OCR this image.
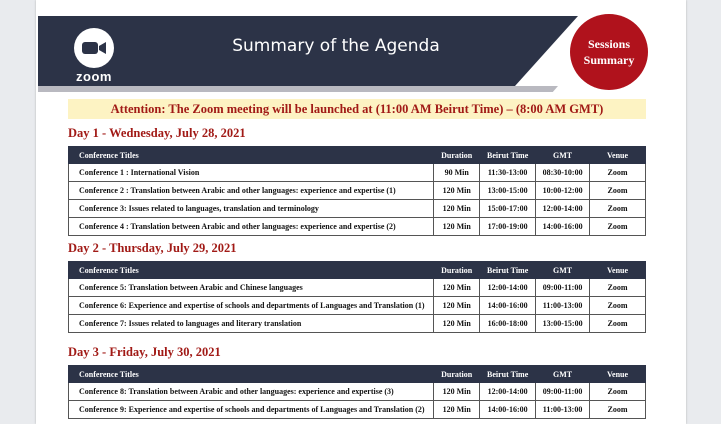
zoom
Summary of the Agenda	Sessions
Summary
Attention: The Zoom meeting will be launched at (11:00 AM Beirut Time) – (8:00 AM GMT)
Day 1 - Wednesday, July 28, 2021
Conference Titles	Duration	Beirut Time	GMT	Venue
Conference 1 : International Vision	90 Min	11:30-13:00	08:30-10:00	Zoom
Conference 2 : Translation between Arabic and other languages: experience and expertise (1)	120 Min	13:00-15:00	10:00-12:00	Zoom
Conference 3: Issues related to languages, translation and terminology	120 Min	15:00-17:00	12:00-14:00	Zoom
Conference 4 : Translation between Arabic and other languages: experience and expertise (2)	120 Min	17:00-19:00	14:00-16:00	Zoom
Day 2 - Thursday, July 29, 2021
Conference Titles	Duration	Beirut Time	GMT	Venue
Conference 5: Translation between Arabic and Chinese languages	120 Min	12:00-14:00	09:00-11:00	Zoom
Conference 6: Experience and expertise of schools and departments of Languages and Translation (1)	120 Min	14:00-16:00	11:00-13:00	Zoom
Conference 7: Issues related to languages and literary translation	120 Min	16:00-18:00	13:00-15:00	Zoom
Day 3 - Friday, July 30, 2021
Conference Titles	Duration	Beirut Time	GMT	Venue
Conference 8: Translation between Arabic and other languages: experience and expertise (3)	120 Min	12:00-14:00	09:00-11:00	Zoom
Conference 9: Experience and expertise of schools and departments of Languages and Translation (2)	120 Min	14:00-16:00	11:00-13:00	Zoom
